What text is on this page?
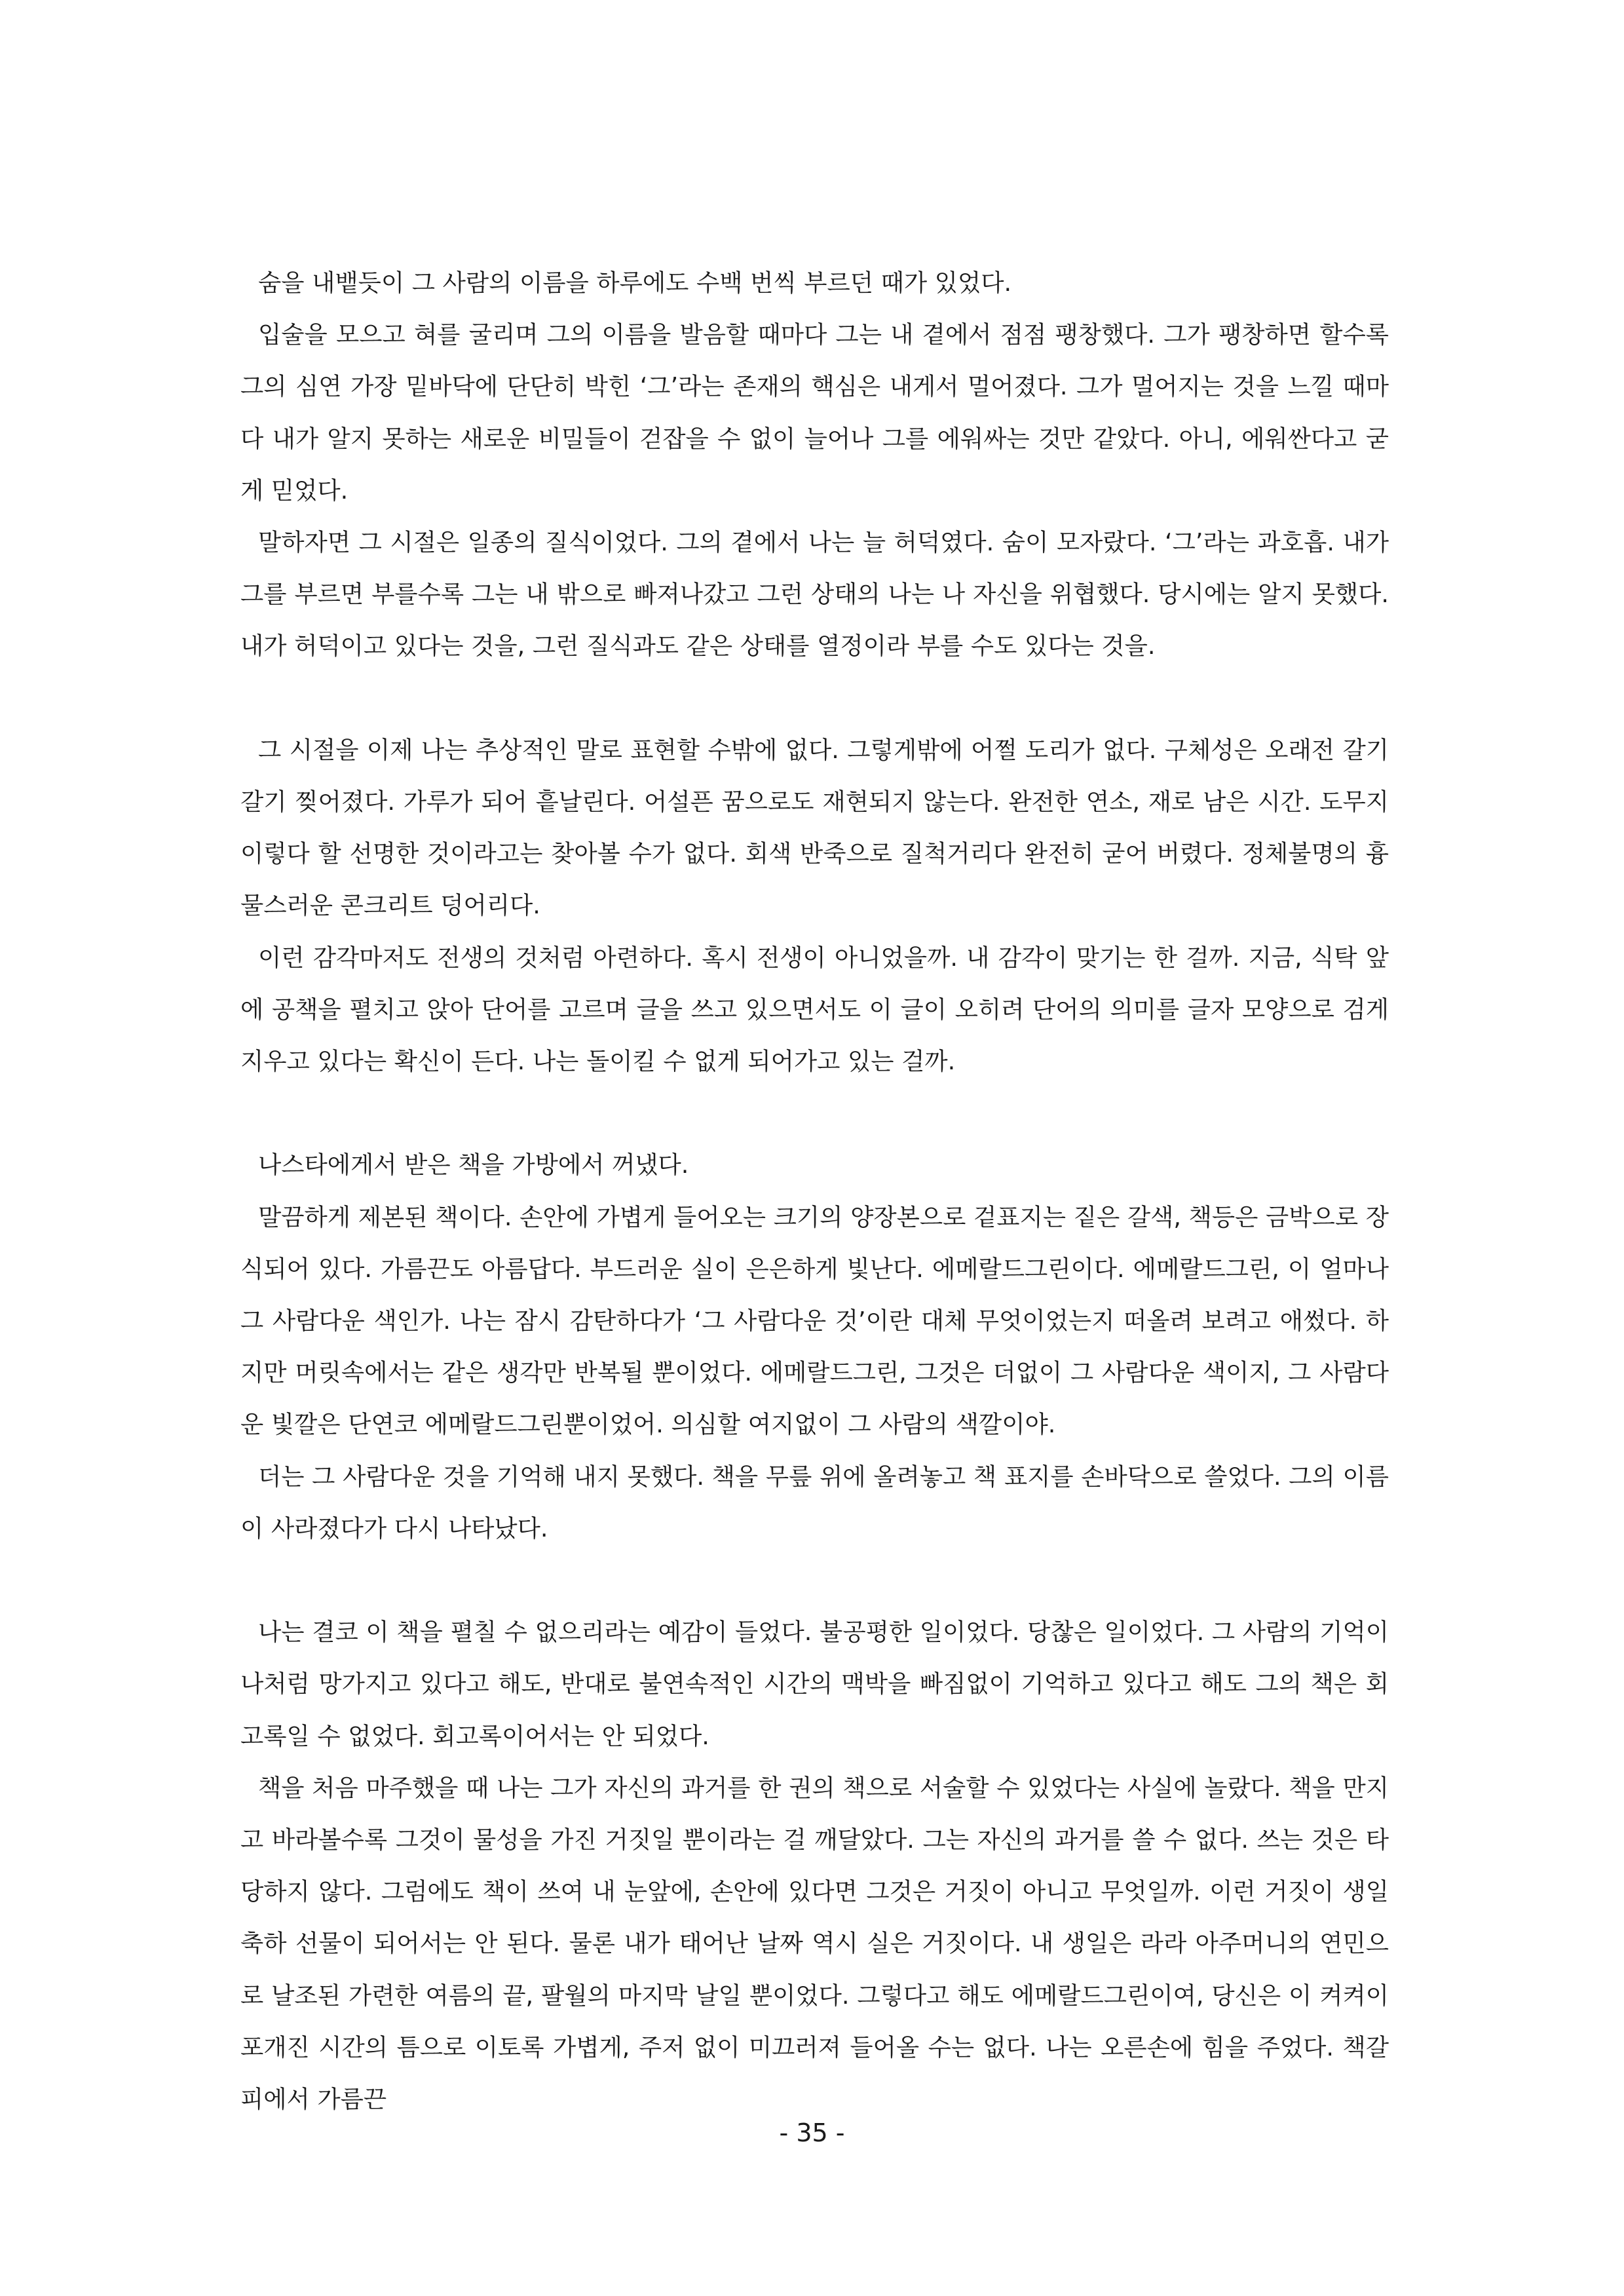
숨을 내뱉듯이 그 사람의 이름을 하루에도 수백 번씩 부르던 때가 있었다.

입술을 모으고 혀를 굴리며 그의 이름을 발음할 때마다 그는 내 곁에서 점점 팽창했다. 그가 팽창하면 할수록 그의 심연 가장 밑바닥에 단단히 박힌 ‘그’라는 존재의 핵심은 내게서 멀어졌다. 그가 멀어지는 것을 느낄 때마다 내가 알지 못하는 새로운 비밀들이 걷잡을 수 없이 늘어나 그를 에워싸는 것만 같았다. 아니, 에워싼다고 굳게 믿었다.

말하자면 그 시절은 일종의 질식이었다. 그의 곁에서 나는 늘 허덕였다. 숨이 모자랐다. ‘그’라는 과호흡. 내가 그를 부르면 부를수록 그는 내 밖으로 빠져나갔고 그런 상태의 나는 나 자신을 위협했다. 당시에는 알지 못했다. 내가 허덕이고 있다는 것을, 그런 질식과도 같은 상태를 열정이라 부를 수도 있다는 것을.

그 시절을 이제 나는 추상적인 말로 표현할 수밖에 없다. 그렇게밖에 어쩔 도리가 없다. 구체성은 오래전 갈기갈기 찢어졌다. 가루가 되어 흩날린다. 어설픈 꿈으로도 재현되지 않는다. 완전한 연소, 재로 남은 시간. 도무지 이렇다 할 선명한 것이라고는 찾아볼 수가 없다. 회색 반죽으로 질척거리다 완전히 굳어 버렸다. 정체불명의 흉물스러운 콘크리트 덩어리다.

이런 감각마저도 전생의 것처럼 아련하다. 혹시 전생이 아니었을까. 내 감각이 맞기는 한 걸까. 지금, 식탁 앞에 공책을 펼치고 앉아 단어를 고르며 글을 쓰고 있으면서도 이 글이 오히려 단어의 의미를 글자 모양으로 검게 지우고 있다는 확신이 든다. 나는 돌이킬 수 없게 되어가고 있는 걸까.

나스타에게서 받은 책을 가방에서 꺼냈다.

말끔하게 제본된 책이다. 손안에 가볍게 들어오는 크기의 양장본으로 겉표지는 짙은 갈색, 책등은 금박으로 장식되어 있다. 가름끈도 아름답다. 부드러운 실이 은은하게 빛난다. 에메랄드그린이다. 에메랄드그린, 이 얼마나 그 사람다운 색인가. 나는 잠시 감탄하다가 ‘그 사람다운 것’이란 대체 무엇이었는지 떠올려 보려고 애썼다. 하지만 머릿속에서는 같은 생각만 반복될 뿐이었다. 에메랄드그린, 그것은 더없이 그 사람다운 색이지, 그 사람다운 빛깔은 단연코 에메랄드그린뿐이었어. 의심할 여지없이 그 사람의 색깔이야.

더는 그 사람다운 것을 기억해 내지 못했다. 책을 무릎 위에 올려놓고 책 표지를 손바닥으로 쓸었다. 그의 이름이 사라졌다가 다시 나타났다.

나는 결코 이 책을 펼칠 수 없으리라는 예감이 들었다. 불공평한 일이었다. 당찮은 일이었다. 그 사람의 기억이 나처럼 망가지고 있다고 해도, 반대로 불연속적인 시간의 맥박을 빠짐없이 기억하고 있다고 해도 그의 책은 회고록일 수 없었다. 회고록이어서는 안 되었다.

책을 처음 마주했을 때 나는 그가 자신의 과거를 한 권의 책으로 서술할 수 있었다는 사실에 놀랐다. 책을 만지고 바라볼수록 그것이 물성을 가진 거짓일 뿐이라는 걸 깨달았다. 그는 자신의 과거를 쓸 수 없다. 쓰는 것은 타당하지 않다. 그럼에도 책이 쓰여 내 눈앞에, 손안에 있다면 그것은 거짓이 아니고 무엇일까. 이런 거짓이 생일 축하 선물이 되어서는 안 된다. 물론 내가 태어난 날짜 역시 실은 거짓이다. 내 생일은 라라 아주머니의 연민으로 날조된 가련한 여름의 끝, 팔월의 마지막 날일 뿐이었다. 그렇다고 해도 에메랄드그린이여, 당신은 이 켜켜이 포개진 시간의 틈으로 이토록 가볍게, 주저 없이 미끄러져 들어올 수는 없다. 나는 오른손에 힘을 주었다. 책갈피에서 가름끈

- 35 -
